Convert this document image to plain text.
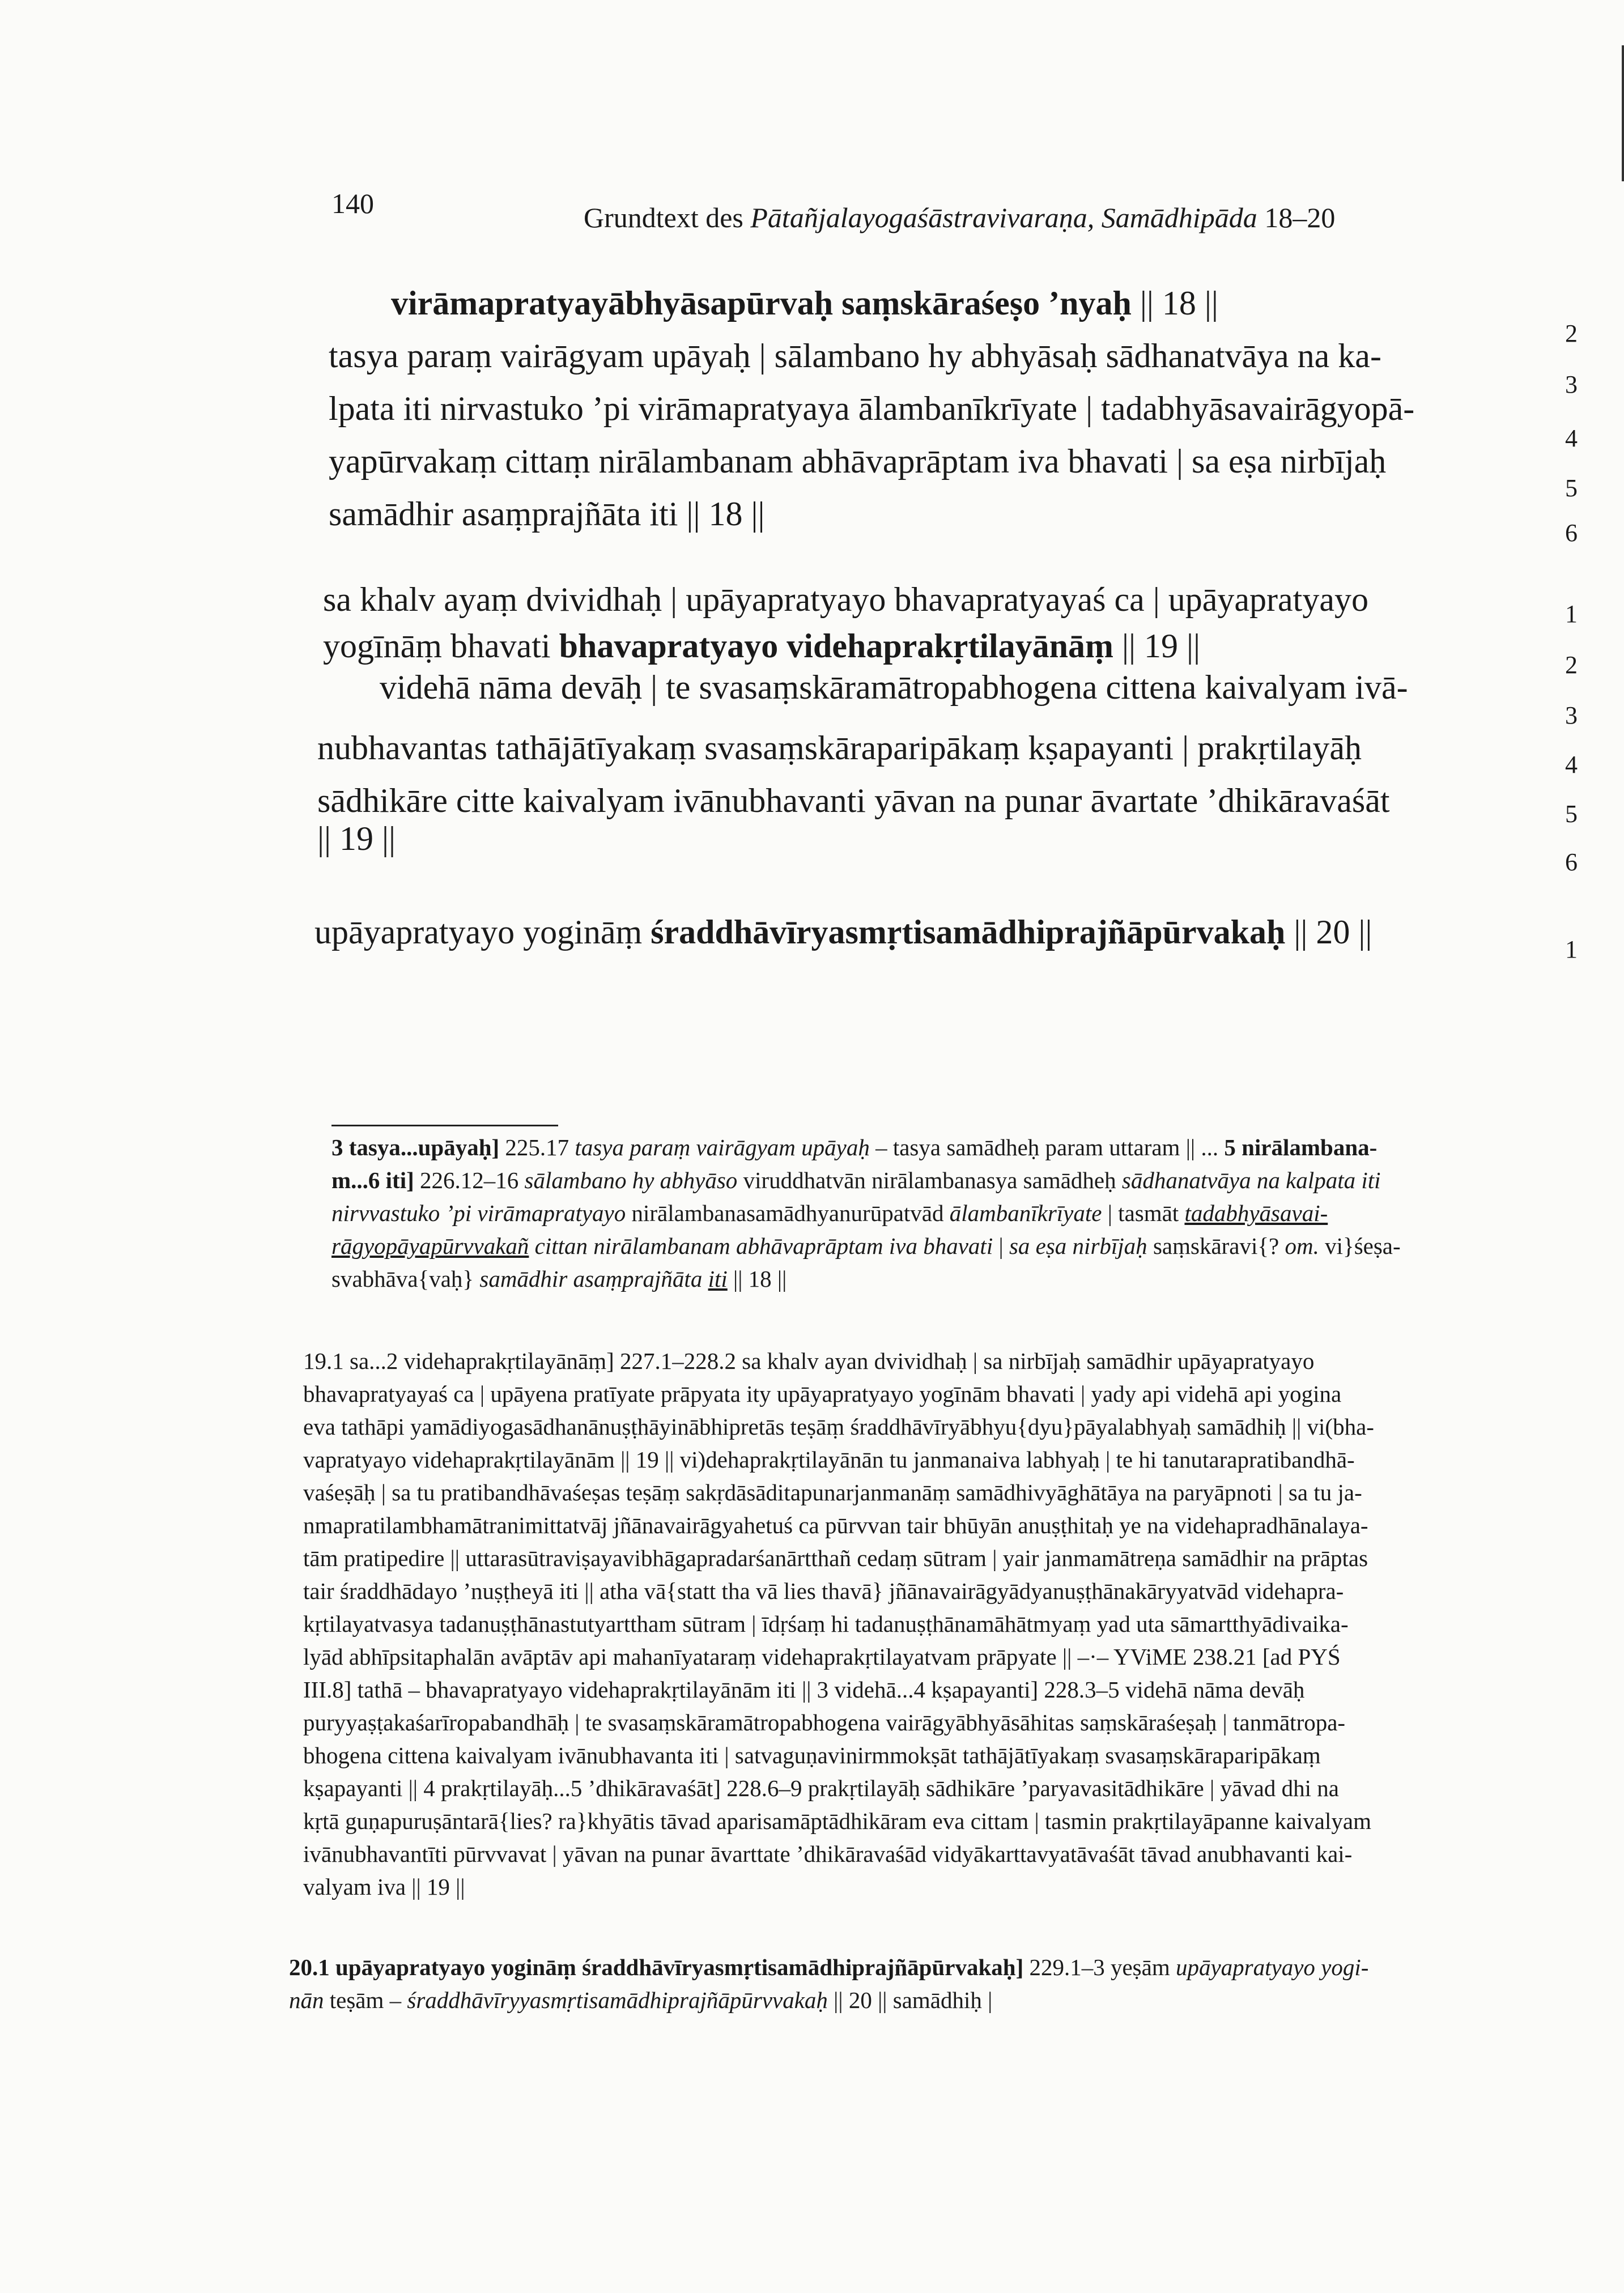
140	Grundtext des Pātañjalayogaśāstravivaraṇa, Samādhipāda 18–20
virāmapratyayābhyāsapūrvaḥ saṃskāraśeṣo ’nyaḥ || 18 ||
tasya paraṃ vairāgyam upāyaḥ | sālambano hy abhyāsaḥ sādhanatvāya na ka-
lpata iti nirvastuko ’pi virāmapratyaya ālambanīkrīyate | tadabhyāsavairāgyopā-
yapūrvakaṃ cittaṃ nirālambanam abhāvaprāptam iva bhavati | sa eṣa nirbījaḥ
samādhir asaṃprajñāta iti || 18 ||
sa khalv ayaṃ dvividhaḥ | upāyapratyayo bhavapratyayaś ca | upāyapratyayo
yogīnāṃ bhavati bhavapratyayo videhaprakṛtilayānāṃ || 19 ||
videhā nāma devāḥ | te svasaṃskāramātropabhogena cittena kaivalyam ivā-
nubhavantas tathājātīyakaṃ svasaṃskāraparipākaṃ kṣapayanti | prakṛtilayāḥ
sādhikāre citte kaivalyam ivānubhavanti yāvan na punar āvartate ’dhikāravaśāt
|| 19 ||
upāyapratyayo yogināṃ śraddhāvīryasmṛtisamādhiprajñāpūrvakaḥ || 20 ||
2
3
4
5
6
1
2
3
4
5
6
1
3 tasya...upāyaḥ] 225.17 tasya paraṃ vairāgyam upāyaḥ – tasya samādheḥ param uttaram || ... 5 nirālambana-
m...6 iti] 226.12–16 sālambano hy abhyāso viruddhatvān nirālambanasya samādheḥ sādhanatvāya na kalpata iti
nirvvastuko ’pi virāmapratyayo nirālambanasamādhyanurūpatvād ālambanīkrīyate | tasmāt tadabhyāsavai-
rāgyopāyapūrvvakañ cittan nirālambanam abhāvaprāptam iva bhavati | sa eṣa nirbījaḥ saṃskāravi{? om. vi}śeṣa-
svabhāva{vaḥ} samādhir asaṃprajñāta iti || 18 ||
19.1 sa...2 videhaprakṛtilayānāṃ] 227.1–228.2 sa khalv ayan dvividhaḥ | sa nirbījaḥ samādhir upāyapratyayo
bhavapratyayaś ca | upāyena pratīyate prāpyata ity upāyapratyayo yogīnām bhavati | yady api videhā api yogina
eva tathāpi yamādiyogasādhanānuṣṭhāyinābhipretās teṣāṃ śraddhāvīryābhyu{dyu}pāyalabhyaḥ samādhiḥ || vi(bha-
vapratyayo videhaprakṛtilayānām || 19 || vi)dehaprakṛtilayānān tu janmanaiva labhyaḥ | te hi tanutarapratibandhā-
vaśeṣāḥ | sa tu pratibandhāvaśeṣas teṣāṃ sakṛdāsāditapunarjanmanāṃ samādhivyāghātāya na paryāpnoti | sa tu ja-
nmapratilambhamātranimittatvāj jñānavairāgyahetuś ca pūrvvan tair bhūyān anuṣṭhitaḥ ye na videhapradhānalaya-
tām pratipedire || uttarasūtraviṣayavibhāgapradarśanārtthañ cedaṃ sūtram | yair janmamātreṇa samādhir na prāptas
tair śraddhādayo ’nuṣṭheyā iti || atha vā{statt tha vā lies thavā} jñānavairāgyādyanuṣṭhānakāryyatvād videhapra-
kṛtilayatvasya tadanuṣṭhānastutyarttham sūtram | īdṛśaṃ hi tadanuṣṭhānamāhātmyaṃ yad uta sāmartthyādivaika-
lyād abhīpsitaphalān avāptāv api mahanīyataraṃ videhaprakṛtilayatvam prāpyate || –·– YViME 238.21 [ad PYŚ
III.8] tathā – bhavapratyayo videhaprakṛtilayānām iti || 3 videhā...4 kṣapayanti] 228.3–5 videhā nāma devāḥ
puryyaṣṭakaśarīropabandhāḥ | te svasaṃskāramātropabhogena vairāgyābhyāsāhitas saṃskāraśeṣaḥ | tanmātropa-
bhogena cittena kaivalyam ivānubhavanta iti | satvaguṇavinirmmokṣāt tathājātīyakaṃ svasaṃskāraparipākaṃ
kṣapayanti || 4 prakṛtilayāḥ...5 ’dhikāravaśāt] 228.6–9 prakṛtilayāḥ sādhikāre ’paryavasitādhikāre | yāvad dhi na
kṛtā guṇapuruṣāntarā{lies? ra}khyātis tāvad aparisamāptādhikāram eva cittam | tasmin prakṛtilayāpanne kaivalyam
ivānubhavantīti pūrvvavat | yāvan na punar āvarttate ’dhikāravaśād vidyākarttavyatāvaśāt tāvad anubhavanti kai-
valyam iva || 19 ||
20.1 upāyapratyayo yogināṃ śraddhāvīryasmṛtisamādhiprajñāpūrvakaḥ] 229.1–3 yeṣām upāyapratyayo yogi-
nān teṣām – śraddhāvīryyasmṛtisamādhiprajñāpūrvvakaḥ || 20 || samādhiḥ |
